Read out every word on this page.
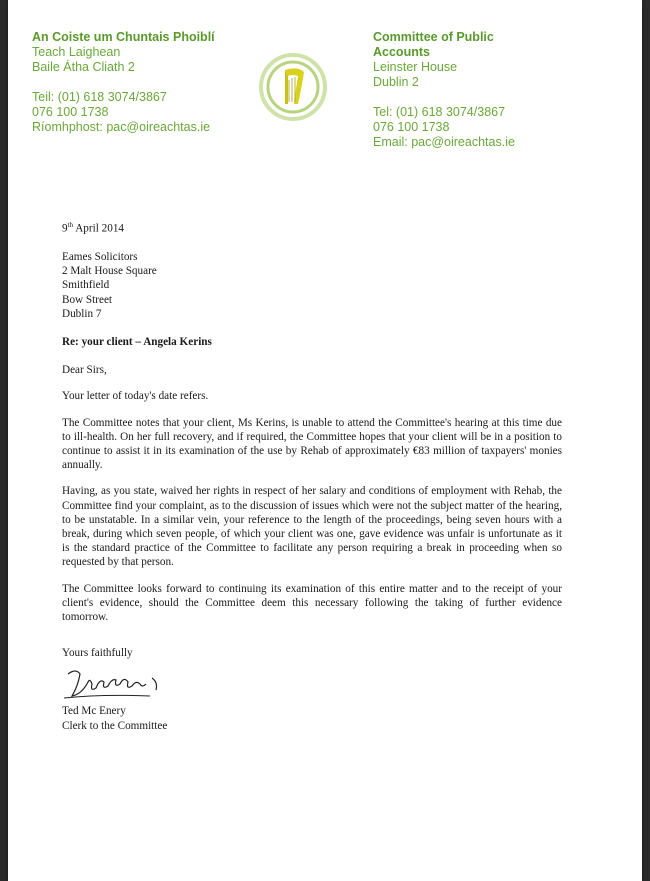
An Coiste um Chuntais Phoiblí
Teach Laighean
Baile Átha Cliath 2
Teil: (01) 618 3074/3867
076 100 1738
Ríomhphost: pac@oireachtas.ie
Committee of Public
Accounts
Leinster House
Dublin 2
Tel: (01) 618 3074/3867
076 100 1738
Email: pac@oireachtas.ie
9th April 2014
Eames Solicitors
2 Malt House Square
Smithfield
Bow Street
Dublin 7
Re: your client – Angela Kerins
Dear Sirs,
Your letter of today's date refers.
The Committee notes that your client, Ms Kerins, is unable to attend the Committee's hearing at this time due to ill-health. On her full recovery, and if required, the Committee hopes that your client will be in a position to continue to assist it in its examination of the use by Rehab of approximately €83 million of taxpayers' monies annually.
Having, as you state, waived her rights in respect of her salary and conditions of employment with Rehab, the Committee find your complaint, as to the discussion of issues which were not the subject matter of the hearing, to be unstatable. In a similar vein, your reference to the length of the proceedings, being seven hours with a break, during which seven people, of which your client was one, gave evidence was unfair is unfortunate as it is the standard practice of the Committee to facilitate any person requiring a break in proceeding when so requested by that person.
The Committee looks forward to continuing its examination of this entire matter and to the receipt of your client's evidence, should the Committee deem this necessary following the taking of further evidence tomorrow.
Yours faithfully
Ted Mc Enery
Clerk to the Committee
